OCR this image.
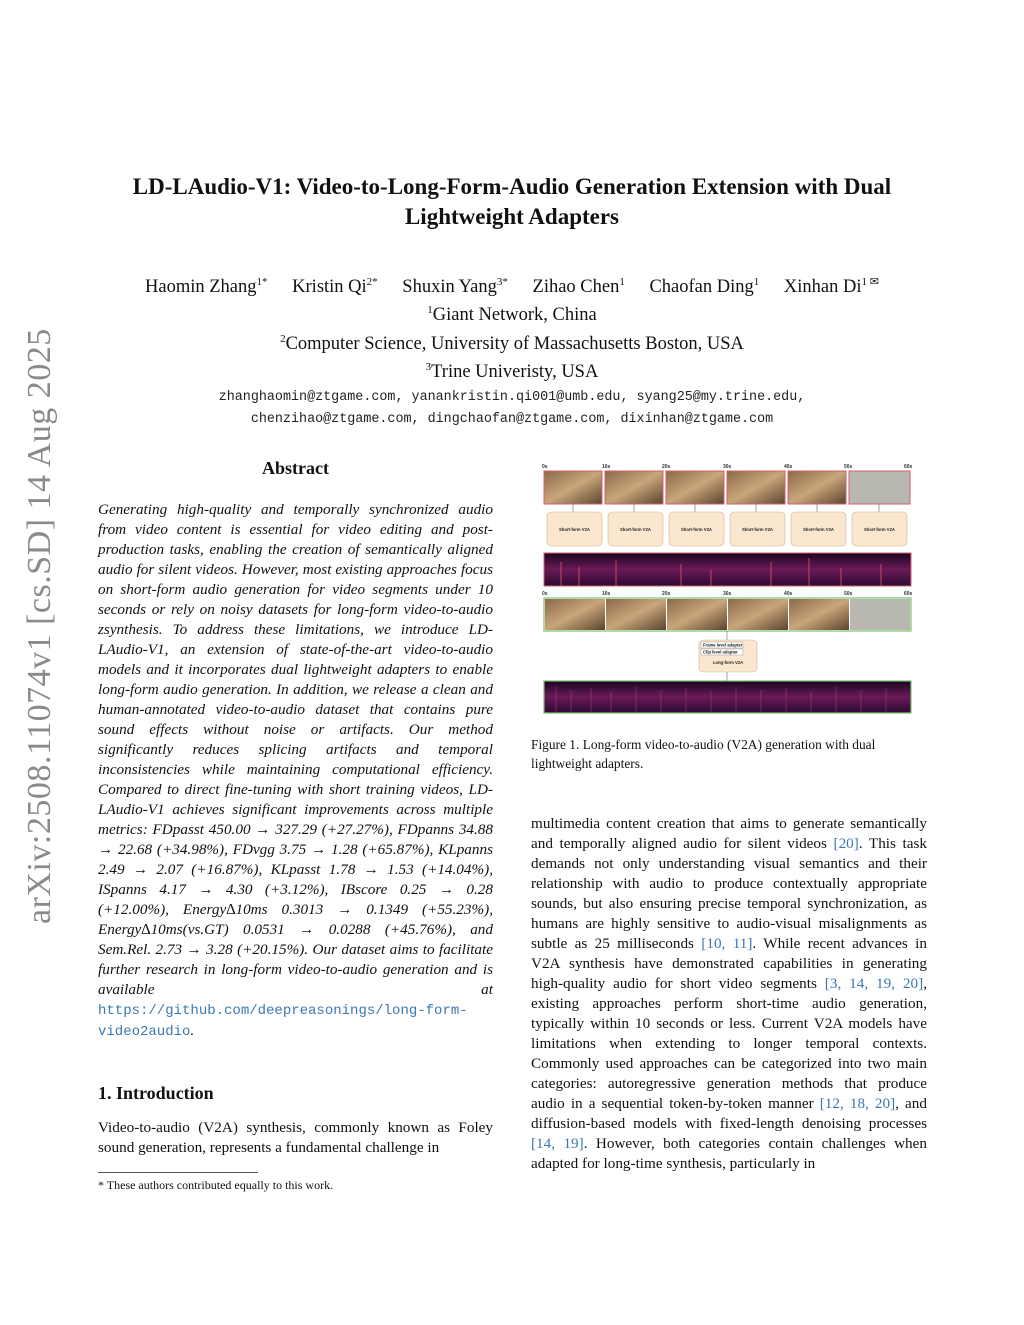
arXiv:2508.11074v1 [cs.SD] 14 Aug 2025
LD-LAudio-V1: Video-to-Long-Form-Audio Generation Extension with Dual
Lightweight Adapters
Haomin Zhang$^{1*}$ Kristin $Qi^{2*}$ Shuxin Yang$^{3*}$ Zihao Chen$^1$ Chaofan Ding$^1$ Xinhan $Di^{1 ✉}$
$^1$Giant Network, China
$^2$Computer Science, University of Massachusetts Boston, USA
$^3$Trine Univeristy, USA
zhanghaomin@ztgame.com, yanankristin.qi001@umb.edu, syang25@my.trine.edu,
chenzihao@ztgame.com, dingchaofan@ztgame.com, dixinhan@ztgame.com
Abstract
Generating high-quality and temporally synchronized audio from video content is essential for video editing and post-production tasks, enabling the creation of semantically aligned audio for silent videos. However, most existing approaches focus on short-form audio generation for video segments under 10 seconds or rely on noisy datasets for long-form video-to-audio zsynthesis. To address these limitations, we introduce LD-LAudio-V1, an extension of state-of-the-art video-to-audio models and it incorporates dual lightweight adapters to enable long-form audio generation. In addition, we release a clean and human-annotated video-to-audio dataset that contains pure sound effects without noise or artifacts. Our method significantly reduces splicing artifacts and temporal inconsistencies while maintaining computational efficiency. Compared to direct fine-tuning with short training videos, LD-LAudio-V1 achieves significant improvements across multiple metrics: FDpasst 450.00 → 327.29 (+27.27%), FDpanns 34.88 → 22.68 (+34.98%), FDvgg 3.75 → 1.28 (+65.87%), KLpanns 2.49 → 2.07 (+16.87%), KLpasst 1.78 → 1.53 (+14.04%), ISpanns 4.17 → 4.30 (+3.12%), IBscore 0.25 → 0.28 (+12.00%), Energy∆10ms 0.3013 → 0.1349 (+55.23%), Energy∆10ms(vs.GT) 0.0531 → 0.0288 (+45.76%), and Sem.Rel. 2.73 → 3.28 (+20.15%). Our dataset aims to facilitate further research in long-form video-to-audio generation and is available at https://github.com/deepreasonings/long-form-video2audio.
1. Introduction
Video-to-audio (V2A) synthesis, commonly known as Foley sound generation, represents a fundamental challenge in
* These authors contributed equally to this work.
0s	10s	20s	30s	40s	50s	60s
Short-form V2A	Short-form V2A	Short-form V2A	Short-form V2A	Short-form V2A	Short-form V2A
0s	10s	20s	30s	40s	50s	60s
Frame level adapter
Clip level adapter
Long-form V2A
Figure 1. Long-form video-to-audio (V2A) generation with dual lightweight adapters.
multimedia content creation that aims to generate semantically and temporally aligned audio for silent videos [20]. This task demands not only understanding visual semantics and their relationship with audio to produce contextually appropriate sounds, but also ensuring precise temporal synchronization, as humans are highly sensitive to audio-visual misalignments as subtle as 25 milliseconds [10, 11]. While recent advances in V2A synthesis have demonstrated capabilities in generating high-quality audio for short video segments [3, 14, 19, 20], existing approaches perform short-time audio generation, typically within 10 seconds or less. Current V2A models have limitations when extending to longer temporal contexts. Commonly used approaches can be categorized into two main categories: autoregressive generation methods that produce audio in a sequential token-by-token manner [12, 18, 20], and diffusion-based models with fixed-length denoising processes [14, 19]. However, both categories contain challenges when adapted for long-time synthesis, particularly in
